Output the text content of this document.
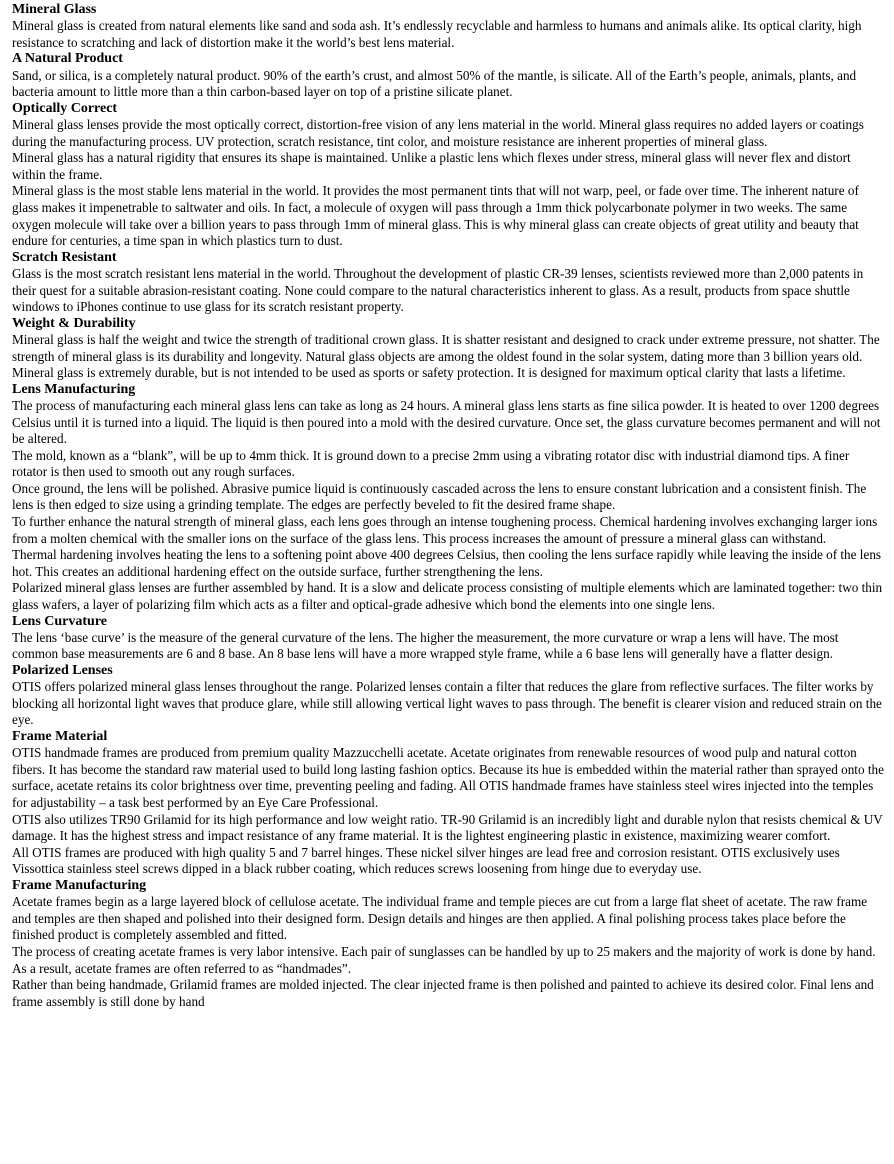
Mineral Glass
Mineral glass is created from natural elements like sand and soda ash. It’s endlessly recyclable and harmless to humans and animals alike. Its optical clarity, high resistance to scratching and lack of distortion make it the world’s best lens material.
A Natural Product
Sand, or silica, is a completely natural product. 90% of the earth’s crust, and almost 50% of the mantle, is silicate. All of the Earth’s people, animals, plants, and bacteria amount to little more than a thin carbon-based layer on top of a pristine silicate planet.
Optically Correct
Mineral glass lenses provide the most optically correct, distortion-free vision of any lens material in the world. Mineral glass requires no added layers or coatings during the manufacturing process. UV protection, scratch resistance, tint color, and moisture resistance are inherent properties of mineral glass.
Mineral glass has a natural rigidity that ensures its shape is maintained. Unlike a plastic lens which flexes under stress, mineral glass will never flex and distort within the frame.
Mineral glass is the most stable lens material in the world. It provides the most permanent tints that will not warp, peel, or fade over time. The inherent nature of glass makes it impenetrable to saltwater and oils. In fact, a molecule of oxygen will pass through a 1mm thick polycarbonate polymer in two weeks. The same oxygen molecule will take over a billion years to pass through 1mm of mineral glass. This is why mineral glass can create objects of great utility and beauty that endure for centuries, a time span in which plastics turn to dust.
Scratch Resistant
Glass is the most scratch resistant lens material in the world. Throughout the development of plastic CR-39 lenses, scientists reviewed more than 2,000 patents in their quest for a suitable abrasion-resistant coating. None could compare to the natural characteristics inherent to glass. As a result, products from space shuttle windows to iPhones continue to use glass for its scratch resistant property.
Weight & Durability
Mineral glass is half the weight and twice the strength of traditional crown glass. It is shatter resistant and designed to crack under extreme pressure, not shatter. The strength of mineral glass is its durability and longevity. Natural glass objects are among the oldest found in the solar system, dating more than 3 billion years old. Mineral glass is extremely durable, but is not intended to be used as sports or safety protection. It is designed for maximum optical clarity that lasts a lifetime.
Lens Manufacturing
The process of manufacturing each mineral glass lens can take as long as 24 hours. A mineral glass lens starts as fine silica powder. It is heated to over 1200 degrees Celsius until it is turned into a liquid. The liquid is then poured into a mold with the desired curvature. Once set, the glass curvature becomes permanent and will not be altered.
The mold, known as a “blank”, will be up to 4mm thick. It is ground down to a precise 2mm using a vibrating rotator disc with industrial diamond tips. A finer rotator is then used to smooth out any rough surfaces.
Once ground, the lens will be polished. Abrasive pumice liquid is continuously cascaded across the lens to ensure constant lubrication and a consistent finish. The lens is then edged to size using a grinding template. The edges are perfectly beveled to fit the desired frame shape.
To further enhance the natural strength of mineral glass, each lens goes through an intense toughening process. Chemical hardening involves exchanging larger ions from a molten chemical with the smaller ions on the surface of the glass lens. This process increases the amount of pressure a mineral glass can withstand.
Thermal hardening involves heating the lens to a softening point above 400 degrees Celsius, then cooling the lens surface rapidly while leaving the inside of the lens hot. This creates an additional hardening effect on the outside surface, further strengthening the lens.
Polarized mineral glass lenses are further assembled by hand. It is a slow and delicate process consisting of multiple elements which are laminated together: two thin glass wafers, a layer of polarizing film which acts as a filter and optical-grade adhesive which bond the elements into one single lens.
Lens Curvature
The lens ‘base curve’ is the measure of the general curvature of the lens. The higher the measurement, the more curvature or wrap a lens will have. The most common base measurements are 6 and 8 base. An 8 base lens will have a more wrapped style frame, while a 6 base lens will generally have a flatter design.
Polarized Lenses
OTIS offers polarized mineral glass lenses throughout the range. Polarized lenses contain a filter that reduces the glare from reflective surfaces. The filter works by blocking all horizontal light waves that produce glare, while still allowing vertical light waves to pass through. The benefit is clearer vision and reduced strain on the eye.
Frame Material
OTIS handmade frames are produced from premium quality Mazzucchelli acetate. Acetate originates from renewable resources of wood pulp and natural cotton fibers. It has become the standard raw material used to build long lasting fashion optics. Because its hue is embedded within the material rather than sprayed onto the surface, acetate retains its color brightness over time, preventing peeling and fading. All OTIS handmade frames have stainless steel wires injected into the temples for adjustability – a task best performed by an Eye Care Professional.
OTIS also utilizes TR90 Grilamid for its high performance and low weight ratio. TR-90 Grilamid is an incredibly light and durable nylon that resists chemical & UV damage. It has the highest stress and impact resistance of any frame material. It is the lightest engineering plastic in existence, maximizing wearer comfort.
All OTIS frames are produced with high quality 5 and 7 barrel hinges. These nickel silver hinges are lead free and corrosion resistant. OTIS exclusively uses Vissottica stainless steel screws dipped in a black rubber coating, which reduces screws loosening from hinge due to everyday use.
Frame Manufacturing
Acetate frames begin as a large layered block of cellulose acetate. The individual frame and temple pieces are cut from a large flat sheet of acetate. The raw frame and temples are then shaped and polished into their designed form. Design details and hinges are then applied. A final polishing process takes place before the finished product is completely assembled and fitted.
The process of creating acetate frames is very labor intensive. Each pair of sunglasses can be handled by up to 25 makers and the majority of work is done by hand. As a result, acetate frames are often referred to as “handmades”.
Rather than being handmade, Grilamid frames are molded injected. The clear injected frame is then polished and painted to achieve its desired color. Final lens and frame assembly is still done by hand
